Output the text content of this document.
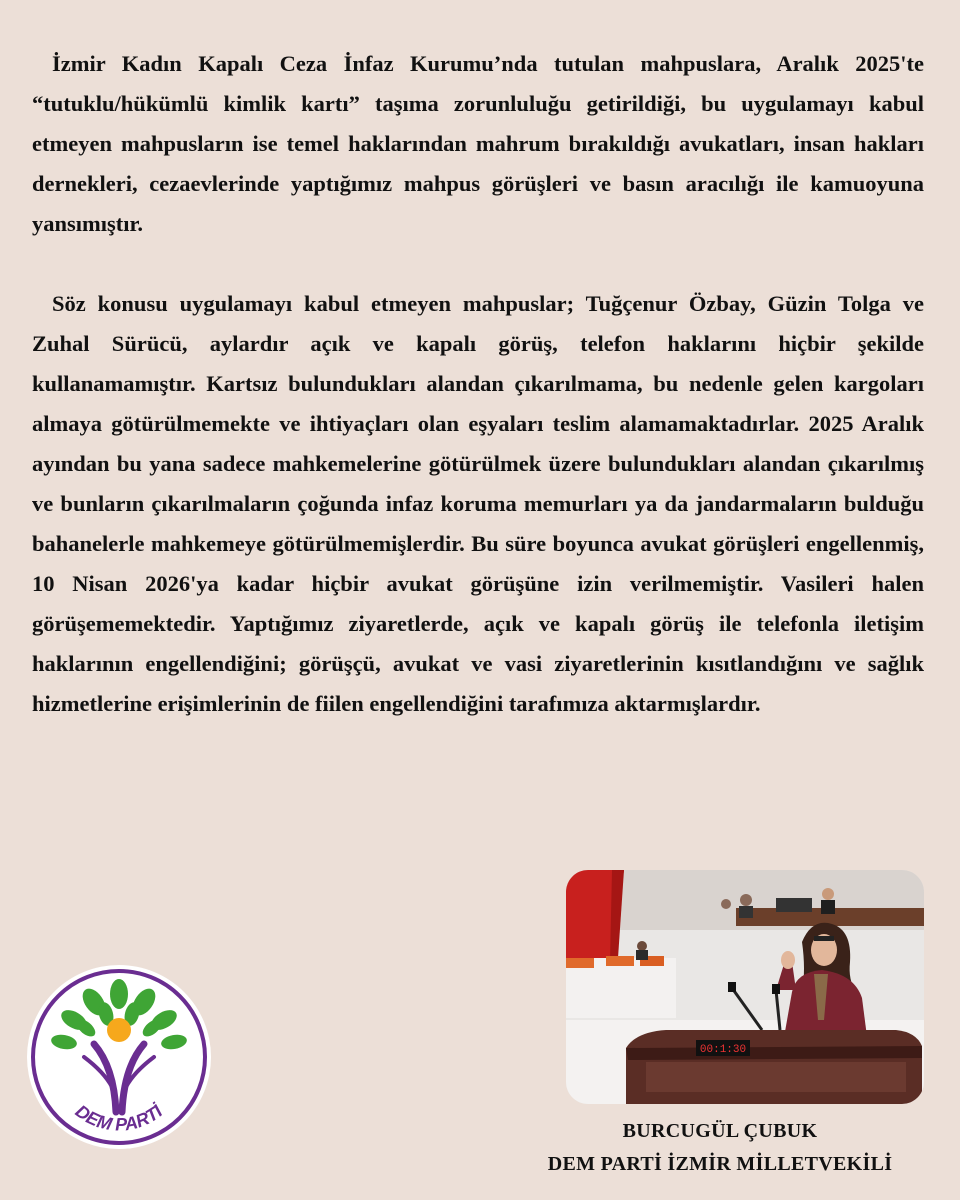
İzmir Kadın Kapalı Ceza İnfaz Kurumu’nda tutulan mahpuslara, Aralık 2025'te “tutuklu/hükümlü kimlik kartı” taşıma zorunluluğu getirildiği, bu uygulamayı kabul etmeyen mahpusların ise temel haklarından mahrum bırakıldığı avukatları, insan hakları dernekleri, cezaevlerinde yaptığımız mahpus görüşleri ve basın aracılığı ile kamuoyuna yansımıştır.

Söz konusu uygulamayı kabul etmeyen mahpuslar; Tuğçenur Özbay, Güzin Tolga ve Zuhal Sürücü, aylardır açık ve kapalı görüş, telefon haklarını hiçbir şekilde kullanamamıştır. Kartsız bulundukları alandan çıkarılmama, bu nedenle gelen kargoları almaya götürülmemekte ve ihtiyaçları olan eşyaları teslim alamamaktadırlar. 2025 Aralık ayından bu yana sadece mahkemelerine götürülmek üzere bulundukları alandan çıkarılmış ve bunların çıkarılmaların çoğunda infaz koruma memurları ya da jandarmaların bulduğu bahanelerle mahkemeye götürülmemişlerdir. Bu süre boyunca avukat görüşleri engellenmiş, 10 Nisan 2026'ya kadar hiçbir avukat görüşüne izin verilmemiştir. Vasileri halen görüşememektedir. Yaptığımız ziyaretlerde, açık ve kapalı görüş ile telefonla iletişim haklarının engellendiğini; görüşçü, avukat ve vasi ziyaretlerinin kısıtlandığını ve sağlık hizmetlerine erişimlerinin de fiilen engellendiğini tarafımıza aktarmışlardır.

DEM PARTİ
00:1:30
BURCUGÜL ÇUBUK
DEM PARTİ İZMİR MİLLETVEKİLİ
